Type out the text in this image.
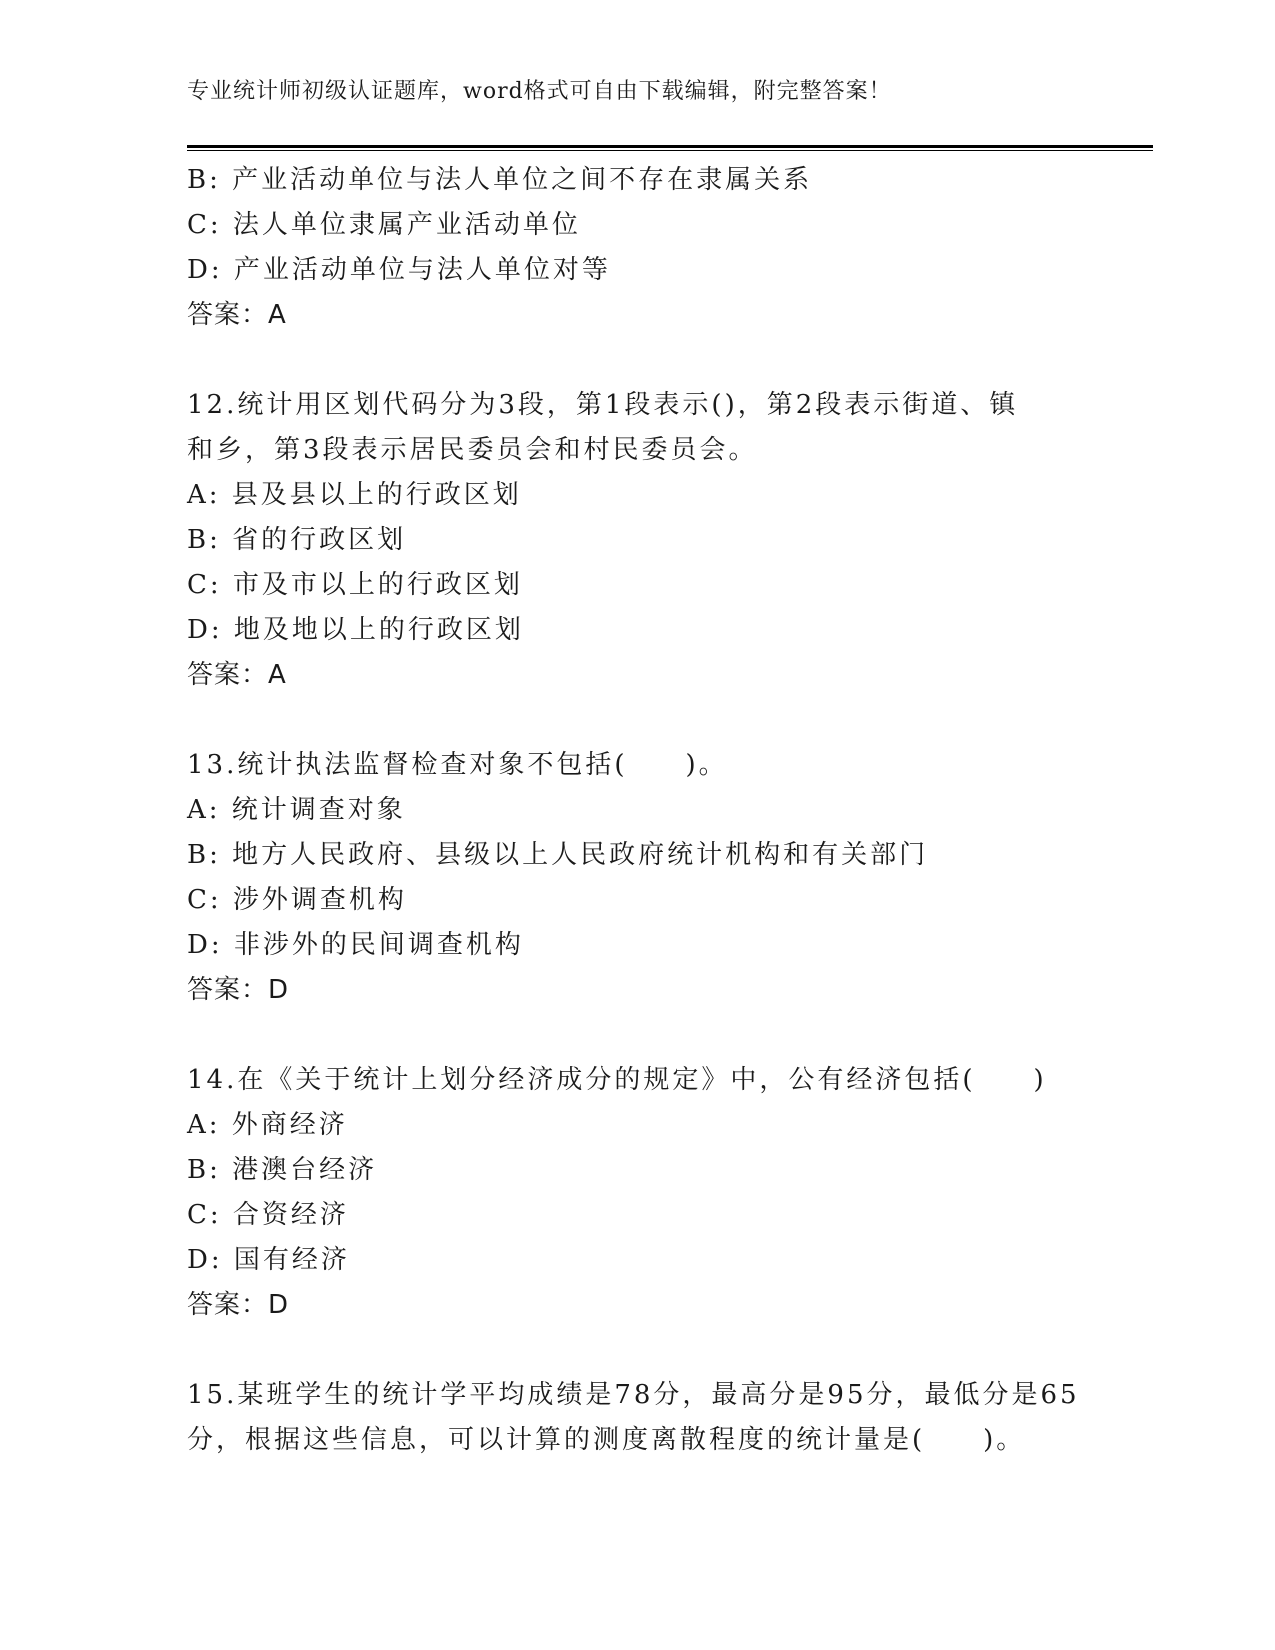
专业统计师初级认证题库，word格式可自由下载编辑，附完整答案！
B: 产业活动单位与法人单位之间不存在隶属关系
C: 法人单位隶属产业活动单位
D: 产业活动单位与法人单位对等
答案：A
12.统计用区划代码分为3段，第1段表示()，第2段表示街道、镇
和乡，第3段表示居民委员会和村民委员会。
A: 县及县以上的行政区划
B: 省的行政区划
C: 市及市以上的行政区划
D: 地及地以上的行政区划
答案：A
13.统计执法监督检查对象不包括(　　)。
A: 统计调查对象
B: 地方人民政府、县级以上人民政府统计机构和有关部门
C: 涉外调查机构
D: 非涉外的民间调查机构
答案：D
14.在《关于统计上划分经济成分的规定》中，公有经济包括(　　)
A: 外商经济
B: 港澳台经济
C: 合资经济
D: 国有经济
答案：D
15.某班学生的统计学平均成绩是78分，最高分是95分，最低分是65
分，根据这些信息，可以计算的测度离散程度的统计量是(　　)。
